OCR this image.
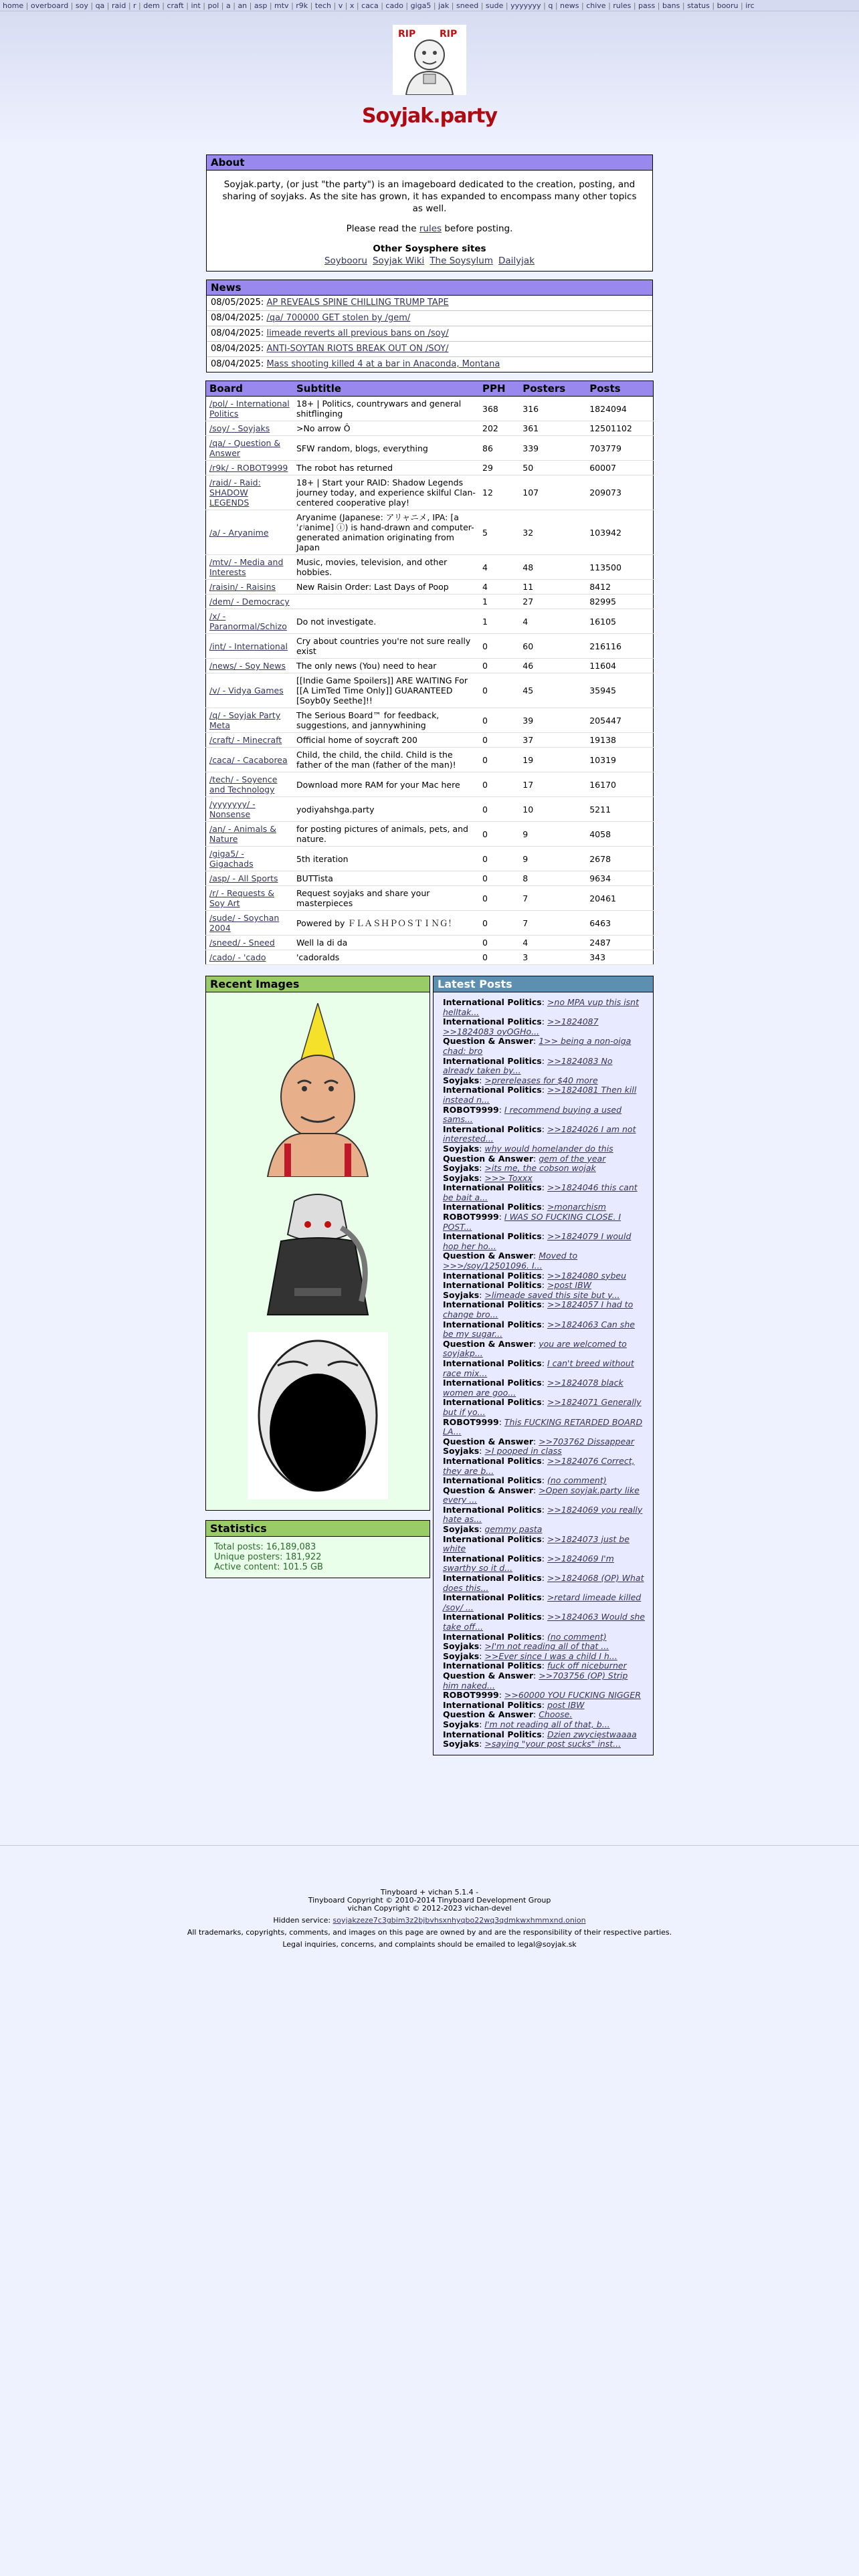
home | overboard | soy | qa | raid | r | dem | craft | int | pol | a | an | asp | mtv | r9k | tech | v | x | caca | cado | giga5 | jak | sneed | sude | yyyyyyy | q | news | chive | rules | pass | bans | status | booru | irc
RIP	RIP
Soyjak.party
About

Soyjak.party, (or just "the party") is an imageboard dedicated to the creation, posting, and sharing of soyjaks. As the site has grown, it has expanded to encompass many other topics as well.

Please read the rules before posting.

Other Soysphere sites
Soybooru Soyjak Wiki The Soysylum Dailyjak
News
08/05/2025: AP REVEALS SPINE CHILLING TRUMP TAPE
08/04/2025: /qa/ 700000 GET stolen by /gem/
08/04/2025: limeade reverts all previous bans on /soy/
08/04/2025: ANTI-SOYTAN RIOTS BREAK OUT ON /SOY/
08/04/2025: Mass shooting killed 4 at a bar in Anaconda, Montana
Board	Subtitle	PPH	Posters	Posts
/pol/ - International Politics	18+ | Politics, countrywars and general shitflinging	368	316	1824094
/soy/ - Soyjaks	>No arrow Ô	202	361	12501102
/qa/ - Question & Answer	SFW random, blogs, everything	86	339	703779
/r9k/ - ROBOT9999	The robot has returned	29	50	60007
/raid/ - Raid: SHADOW LEGENDS	18+ | Start your RAID: Shadow Legends journey today, and experience skilful Clan-centered cooperative play!	12	107	209073
/a/ - Aryanime	Aryanime (Japanese: アリャニメ, IPA: [aˈɾʲanime] ⓘ) is hand-drawn and computer-generated animation originating from Japan	5	32	103942
/mtv/ - Media and Interests	Music, movies, television, and other hobbies.	4	48	113500
/raisin/ - Raisins	New Raisin Order: Last Days of Poop	4	11	8412
/dem/ - Democracy		1	27	82995
/x/ - Paranormal/Schizo	Do not investigate.	1	4	16105
/int/ - International	Cry about countries you're not sure really exist	0	60	216116
/news/ - Soy News	The only news (You) need to hear	0	46	11604
/v/ - Vidya Games	[[Indie Game Spoilers]] ARE WAITING For [[A LimTed Time Only]] GUARANTEED [Soyb0y Seethe]!!	0	45	35945
/q/ - Soyjak Party Meta	The Serious Board™ for feedback, suggestions, and jannywhining	0	39	205447
/craft/ - Minecraft	Official home of soycraft 200	0	37	19138
/caca/ - Cacaborea	Child, the child, the child. Child is the father of the man (father of the man)!	0	19	10319
/tech/ - Soyence and Technology	Download more RAM for your Mac here	0	17	16170
/yyyyyyy/ - Nonsense	yodiyahshga.party	0	10	5211
/an/ - Animals & Nature	for posting pictures of animals, pets, and nature.	0	9	4058
/giga5/ - Gigachads	5th iteration	0	9	2678
/asp/ - All Sports	BUTTista	0	8	9634
/r/ - Requests & Soy Art	Request soyjaks and share your masterpieces	0	7	20461
/sude/ - Soychan 2004	Powered by ＦＬＡＳＨＰＯＳＴＩＮＧ！	0	7	6463
/sneed/ - Sneed	Well la di da	0	4	2487
/cado/ - 'cado	'cadoralds	0	3	343
Recent Images
Statistics
Total posts: 16,189,083
Unique posters: 181,922
Active content: 101.5 GB
Latest Posts
International Politics: >no MPA vup this isnt helltak...
International Politics: >>1824087 >>1824083 oyOGHo...
Question & Answer: 1>> being a non-oiga chad: bro
International Politics: >>1824083 No already taken by...
Soyjaks: >prereleases for $40 more
International Politics: >>1824081 Then kill instead n...
ROBOT9999: I recommend buying a used sams...
International Politics: >>1824026 I am not interested...
Soyjaks: why would homelander do this
Question & Answer: gem of the year
Soyjaks: >its me, the cobson wojak
Soyjaks: >>> Toxxx
International Politics: >>1824046 this cant be bait a...
International Politics: >monarchism
ROBOT9999: I WAS SO FUCKING CLOSE. I POST...
International Politics: >>1824079 I would hop her ho...
Question & Answer: Moved to >>>/soy/12501096. I...
International Politics: >>1824080 sybеu
International Politics: >post IBW
Soyjaks: >limeade saved this site but y...
International Politics: >>1824057 I had to change bro...
International Politics: >>1824063 Can she be my sugar...
Question & Answer: you are welcomed to soyjakp...
International Politics: I can't breed without race mix...
International Politics: >>1824078 black women are goo...
International Politics: >>1824071 Generally but if yo...
ROBOT9999: This FUCKING RETARDED BOARD LA...
Question & Answer: >>703762 Dissappear
Soyjaks: >I pooped in class
International Politics: >>1824076 Correct, they are b...
International Politics: (no comment)
Question & Answer: >Open soyjak.party like every ...
International Politics: >>1824069 you really hate as...
Soyjaks: gemmy pasta
International Politics: >>1824073 just be white
International Politics: >>1824069 I'm swarthy so it d...
International Politics: >>1824068 (OP) What does this...
International Politics: >retard limeade killed /soy/ ...
International Politics: >>1824063 Would she take off...
International Politics: (no comment)
Soyjaks: >I'm not reading all of that ...
Soyjaks: >>Ever since I was a child I h...
International Politics: fuck off niceburner
Question & Answer: >>703756 (OP) Strip him naked...
ROBOT9999: >>60000 YOU FUCKING NIGGER
International Politics: post IBW
Question & Answer: Choose.
Soyjaks: I'm not reading all of that, b...
International Politics: Dzien zwycięstwaaaa
Soyjaks: >saying "your post sucks" inst...

Tinyboard + vichan 5.1.4 -
Tinyboard Copyright © 2010-2014 Tinyboard Development Group
vichan Copyright © 2012-2023 vichan-devel

Hidden service: soyjakzeze7c3gbim3z2bjbvhsxnhyqbo22wq3qdmkwxhmmxnd.onion

All trademarks, copyrights, comments, and images on this page are owned by and are the responsibility of their respective parties.

Legal inquiries, concerns, and complaints should be emailed to legal@soyjak.sk
